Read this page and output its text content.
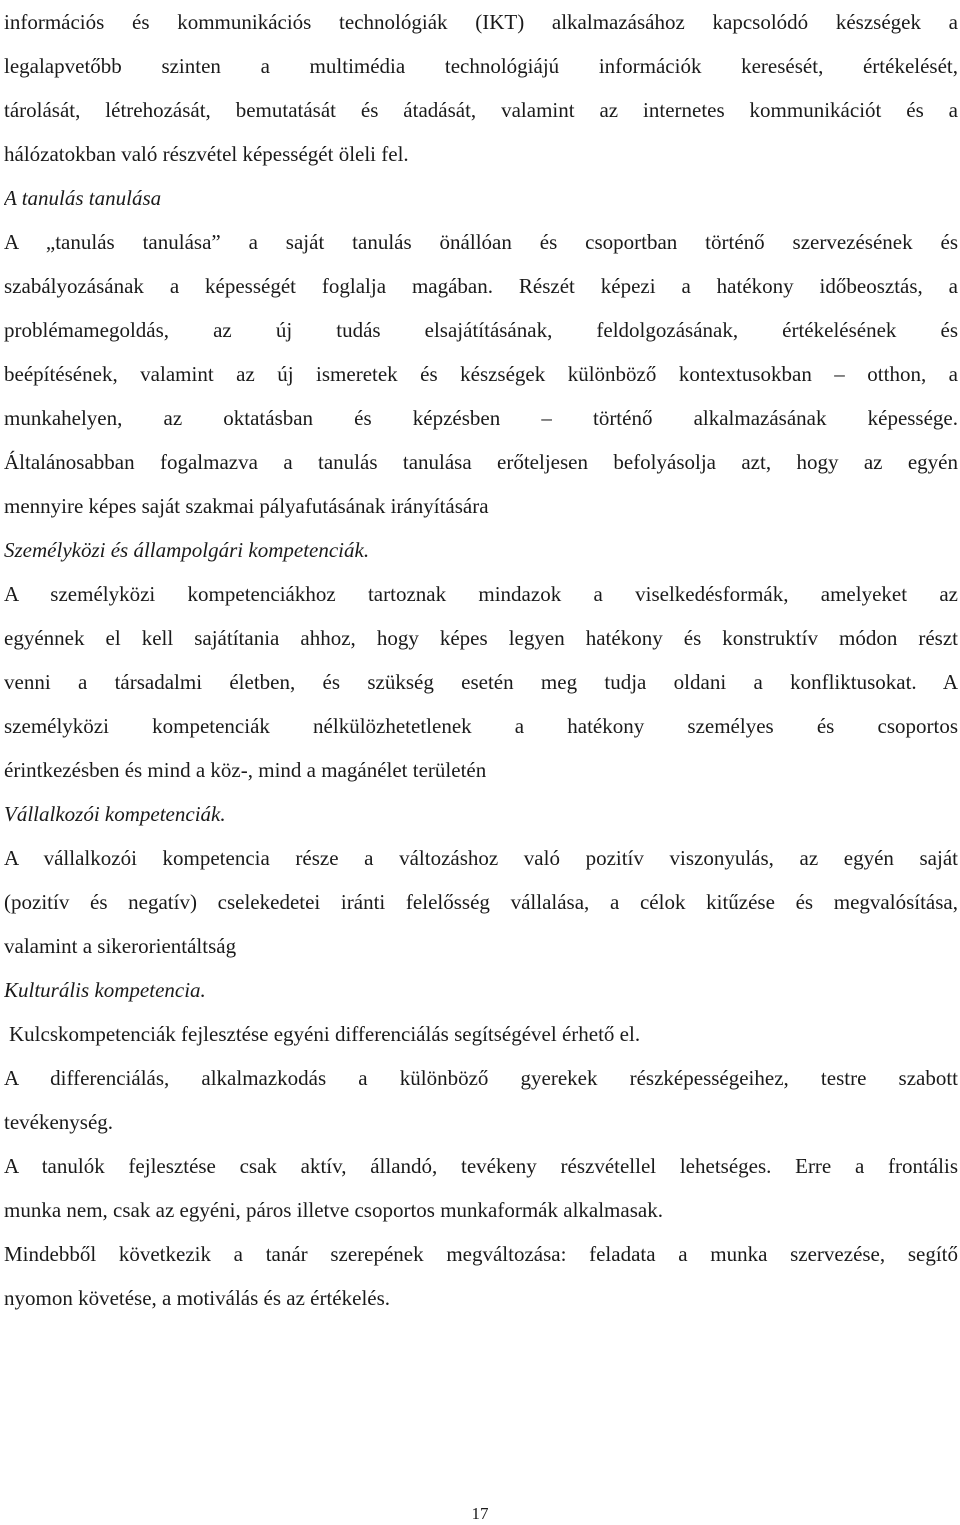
információs és kommunikációs technológiák (IKT) alkalmazásához kapcsolódó készségek a
legalapvetőbb szinten a multimédia technológiájú információk keresését, értékelését,
tárolását, létrehozását, bemutatását és átadását, valamint az internetes kommunikációt és a
hálózatokban való részvétel képességét öleli fel.
A tanulás tanulása
A „tanulás tanulása” a saját tanulás önállóan és csoportban történő szervezésének és
szabályozásának a képességét foglalja magában. Részét képezi a hatékony időbeosztás, a
problémamegoldás, az új tudás elsajátításának, feldolgozásának, értékelésének és
beépítésének, valamint az új ismeretek és készségek különböző kontextusokban – otthon, a
munkahelyen, az oktatásban és képzésben – történő alkalmazásának képessége.
Általánosabban fogalmazva a tanulás tanulása erőteljesen befolyásolja azt, hogy az egyén
mennyire képes saját szakmai pályafutásának irányítására
Személyközi és állampolgári kompetenciák.
A személyközi kompetenciákhoz tartoznak mindazok a viselkedésformák, amelyeket az
egyénnek el kell sajátítania ahhoz, hogy képes legyen hatékony és konstruktív módon részt
venni a társadalmi életben, és szükség esetén meg tudja oldani a konfliktusokat. A
személyközi kompetenciák nélkülözhetetlenek a hatékony személyes és csoportos
érintkezésben és mind a köz-, mind a magánélet területén
Vállalkozói kompetenciák.
A vállalkozói kompetencia része a változáshoz való pozitív viszonyulás, az egyén saját
(pozitív és negatív) cselekedetei iránti felelősség vállalása, a célok kitűzése és megvalósítása,
valamint a sikerorientáltság
Kulturális kompetencia.
Kulcskompetenciák fejlesztése egyéni differenciálás segítségével érhető el.
A differenciálás, alkalmazkodás a különböző gyerekek részképességeihez, testre szabott
tevékenység.
A tanulók fejlesztése csak aktív, állandó, tevékeny részvétellel lehetséges. Erre a frontális
munka nem, csak az egyéni, páros illetve csoportos munkaformák alkalmasak.
Mindebből következik a tanár szerepének megváltozása: feladata a munka szervezése, segítő
nyomon követése, a motiválás és az értékelés.
17
